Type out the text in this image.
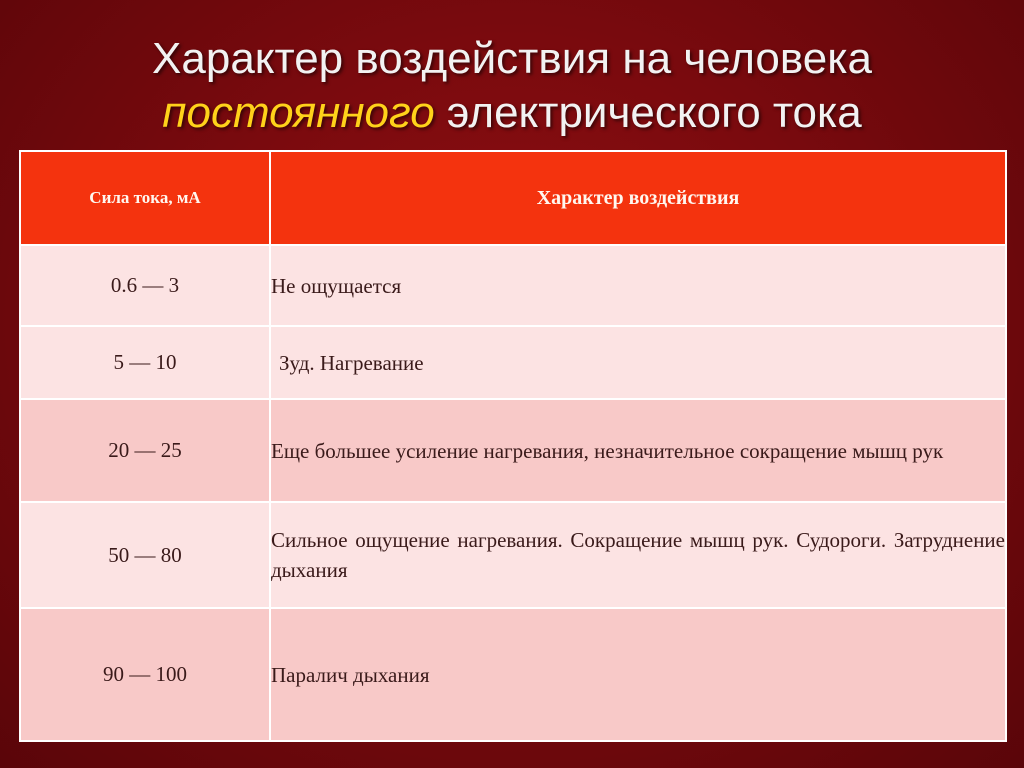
Характер воздействия на человека
постоянного электрического тока
Сила тока, мА	Характер воздействия
0.6 — 3	Не ощущается
5 — 10	Зуд. Нагревание
20 — 25	Еще большее усиление нагревания, незначительное сокращение мышц рук
50 — 80	Сильное ощущение нагревания. Сокращение мышц рук. Судороги. Затруднение дыхания
90 — 100	Паралич дыхания
